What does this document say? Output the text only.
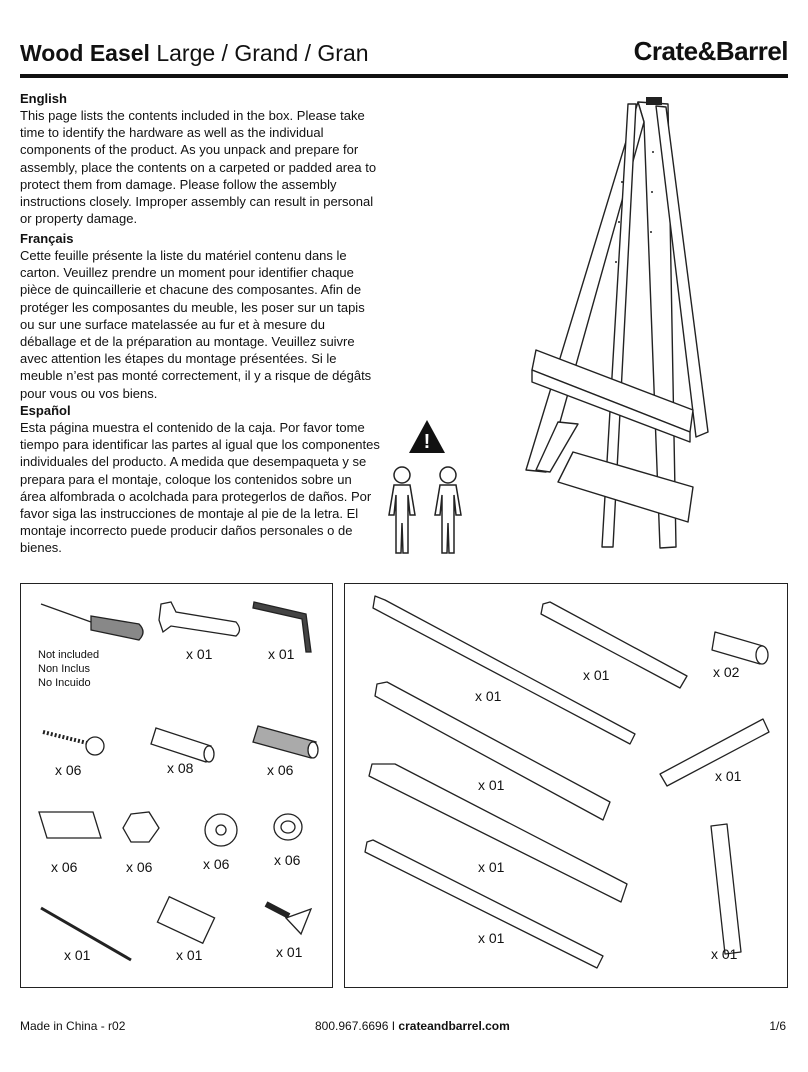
Wood Easel Large / Grand / Gran	Crate&Barrel
English

This page lists the contents included in the box. Please take time to identify the hardware as well as the individual components of the product. As you unpack and prepare for assembly, place the contents on a carpeted or padded area to protect them from damage. Please follow the assembly instructions closely. Improper assembly can result in personal or property damage.

Français

Cette feuille présente la liste du matériel contenu dans le carton. Veuillez prendre un moment pour identifier chaque pièce de quincaillerie et chacune des composantes. Afin de protéger les composantes du meuble, les poser sur un tapis ou sur une surface matelassée au fur et à mesure du déballage et de la préparation au montage. Veuillez suivre avec attention les étapes du montage présentées. Si le meuble n’est pas monté correctement, il y a risque de dégâts pour vous ou vos biens.

Español

Esta página muestra el contenido de la caja. Por favor tome tiempo para identificar las partes al igual que los componentes individuales del producto. A medida que desempaqueta y se prepara para el montaje, coloque los contenidos sobre un área alfombrada o acolchada para protegerlos de daños. Por favor siga las instrucciones de montaje al pie de la letra. El montaje incorrecto puede producir daños personales o de bienes.

!
x 01	x 01
x 06	x 08	x 06
x 06	x 06	x 06	x 06
x 01	x 01	x 01
Not included
Non Inclus
No Incuido
x 01
x 01	x 02
x 01
x 01
x 01
x 01
x 01
Made in China - r02	800.967.6696 I crateandbarrel.com	1/6
